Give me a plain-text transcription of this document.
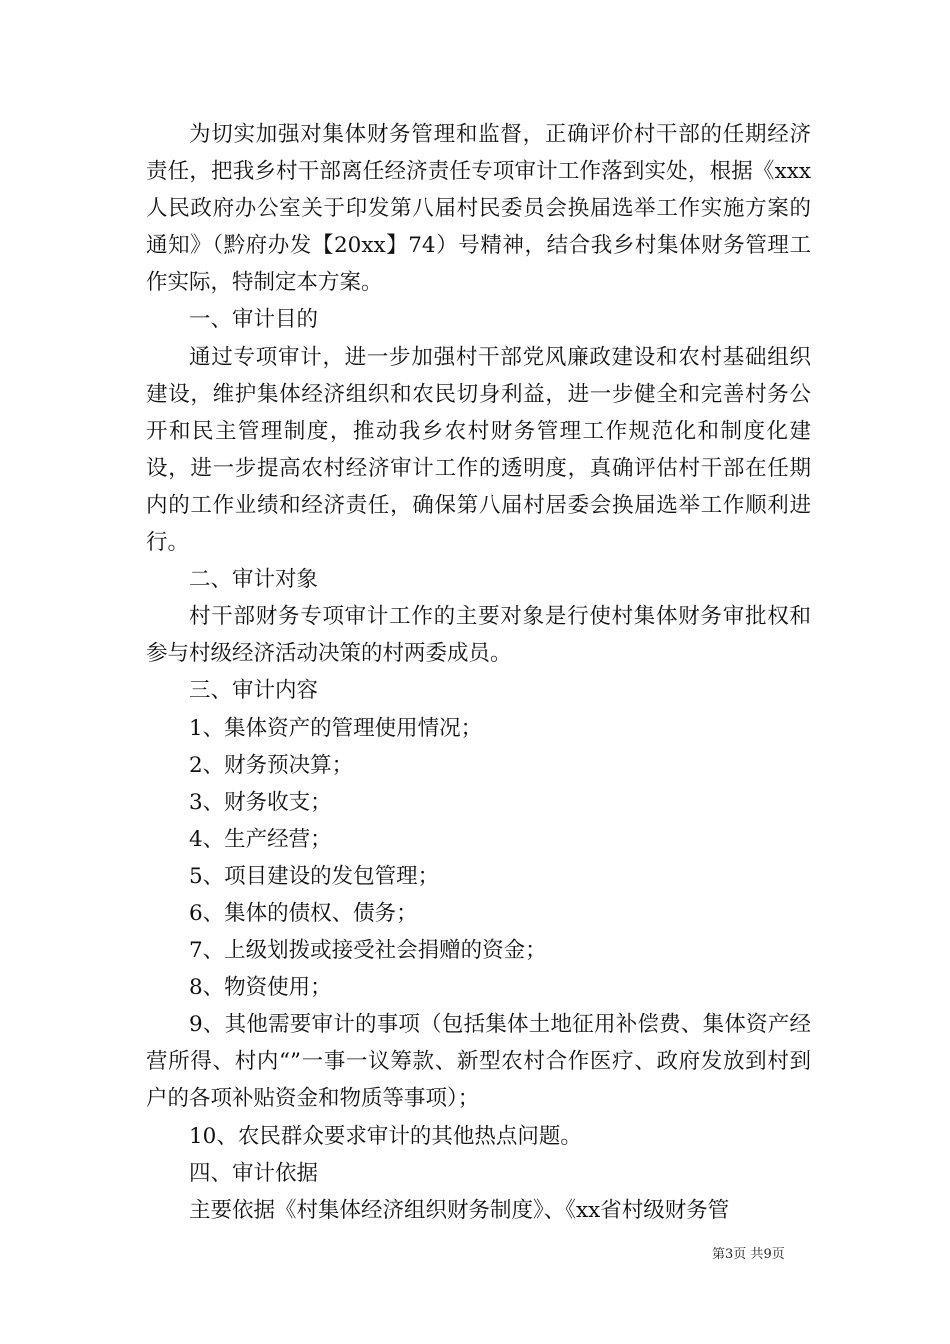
为切实加强对集体财务管理和监督，正确评价村干部的任期经济责任，把我乡村干部离任经济责任专项审计工作落到实处，根据《xxx人民政府办公室关于印发第八届村民委员会换届选举工作实施方案的通知》（黔府办发【20xx】74）号精神，结合我乡村集体财务管理工作实际，特制定本方案。

一、审计目的

通过专项审计，进一步加强村干部党风廉政建设和农村基础组织建设，维护集体经济组织和农民切身利益，进一步健全和完善村务公开和民主管理制度，推动我乡农村财务管理工作规范化和制度化建设，进一步提高农村经济审计工作的透明度，真确评估村干部在任期内的工作业绩和经济责任，确保第八届村居委会换届选举工作顺利进行。

二、审计对象

村干部财务专项审计工作的主要对象是行使村集体财务审批权和参与村级经济活动决策的村两委成员。

三、审计内容

1、集体资产的管理使用情况；

2、财务预决算；

3、财务收支；

4、生产经营；

5、项目建设的发包管理；

6、集体的债权、债务；

7、上级划拨或接受社会捐赠的资金；

8、物资使用；

9、其他需要审计的事项（包括集体土地征用补偿费、集体资产经营所得、村内“”一事一议筹款、新型农村合作医疗、政府发放到村到户的各项补贴资金和物质等事项）；

10、农民群众要求审计的其他热点问题。

四、审计依据

主要依据《村集体经济组织财务制度》、《xx省村级财务管

第3页 共9页
